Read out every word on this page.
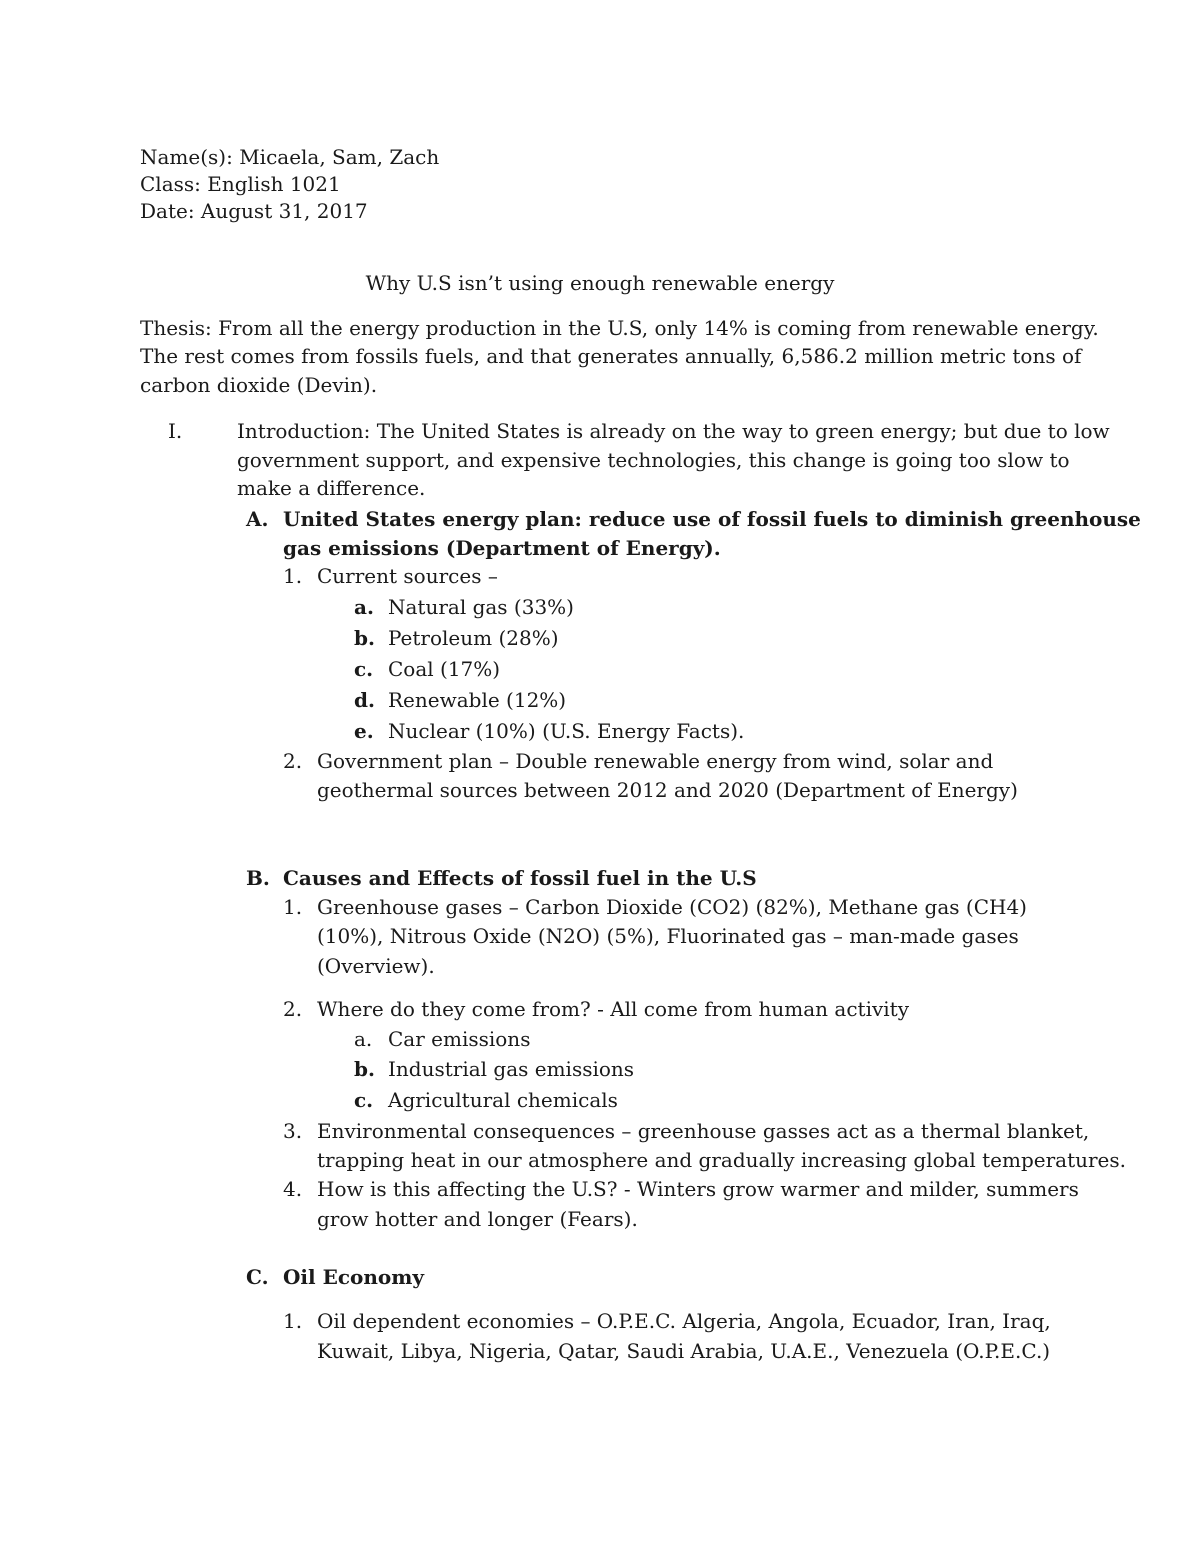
Name(s): Micaela, Sam, Zach
Class: English 1021
Date: August 31, 2017
Why U.S isn’t using enough renewable energy
Thesis: From all the energy production in the U.S, only 14% is coming from renewable energy.
The rest comes from fossils fuels, and that generates annually, 6,586.2 million metric tons of
carbon dioxide (Devin).
I.	Introduction: The United States is already on the way to green energy; but due to low
government support, and expensive technologies, this change is going too slow to
make a difference.
A. United States energy plan: reduce use of fossil fuels to diminish greenhouse
gas emissions (Department of Energy).
1. Current sources –
a. Natural gas (33%)
b. Petroleum (28%)
c. Coal (17%)
d. Renewable (12%)
e. Nuclear (10%) (U.S. Energy Facts).
2. Government plan – Double renewable energy from wind, solar and
geothermal sources between 2012 and 2020 (Department of Energy)
B. Causes and Effects of fossil fuel in the U.S
1. Greenhouse gases – Carbon Dioxide (CO2) (82%), Methane gas (CH4)
(10%), Nitrous Oxide (N2O) (5%), Fluorinated gas – man-made gases
(Overview).
2. Where do they come from? - All come from human activity
a. Car emissions
b. Industrial gas emissions
c. Agricultural chemicals
3. Environmental consequences – greenhouse gasses act as a thermal blanket,
trapping heat in our atmosphere and gradually increasing global temperatures.
4. How is this affecting the U.S? - Winters grow warmer and milder, summers
grow hotter and longer (Fears).
C. Oil Economy
1. Oil dependent economies – O.P.E.C. Algeria, Angola, Ecuador, Iran, Iraq,
Kuwait, Libya, Nigeria, Qatar, Saudi Arabia, U.A.E., Venezuela (O.P.E.C.)
